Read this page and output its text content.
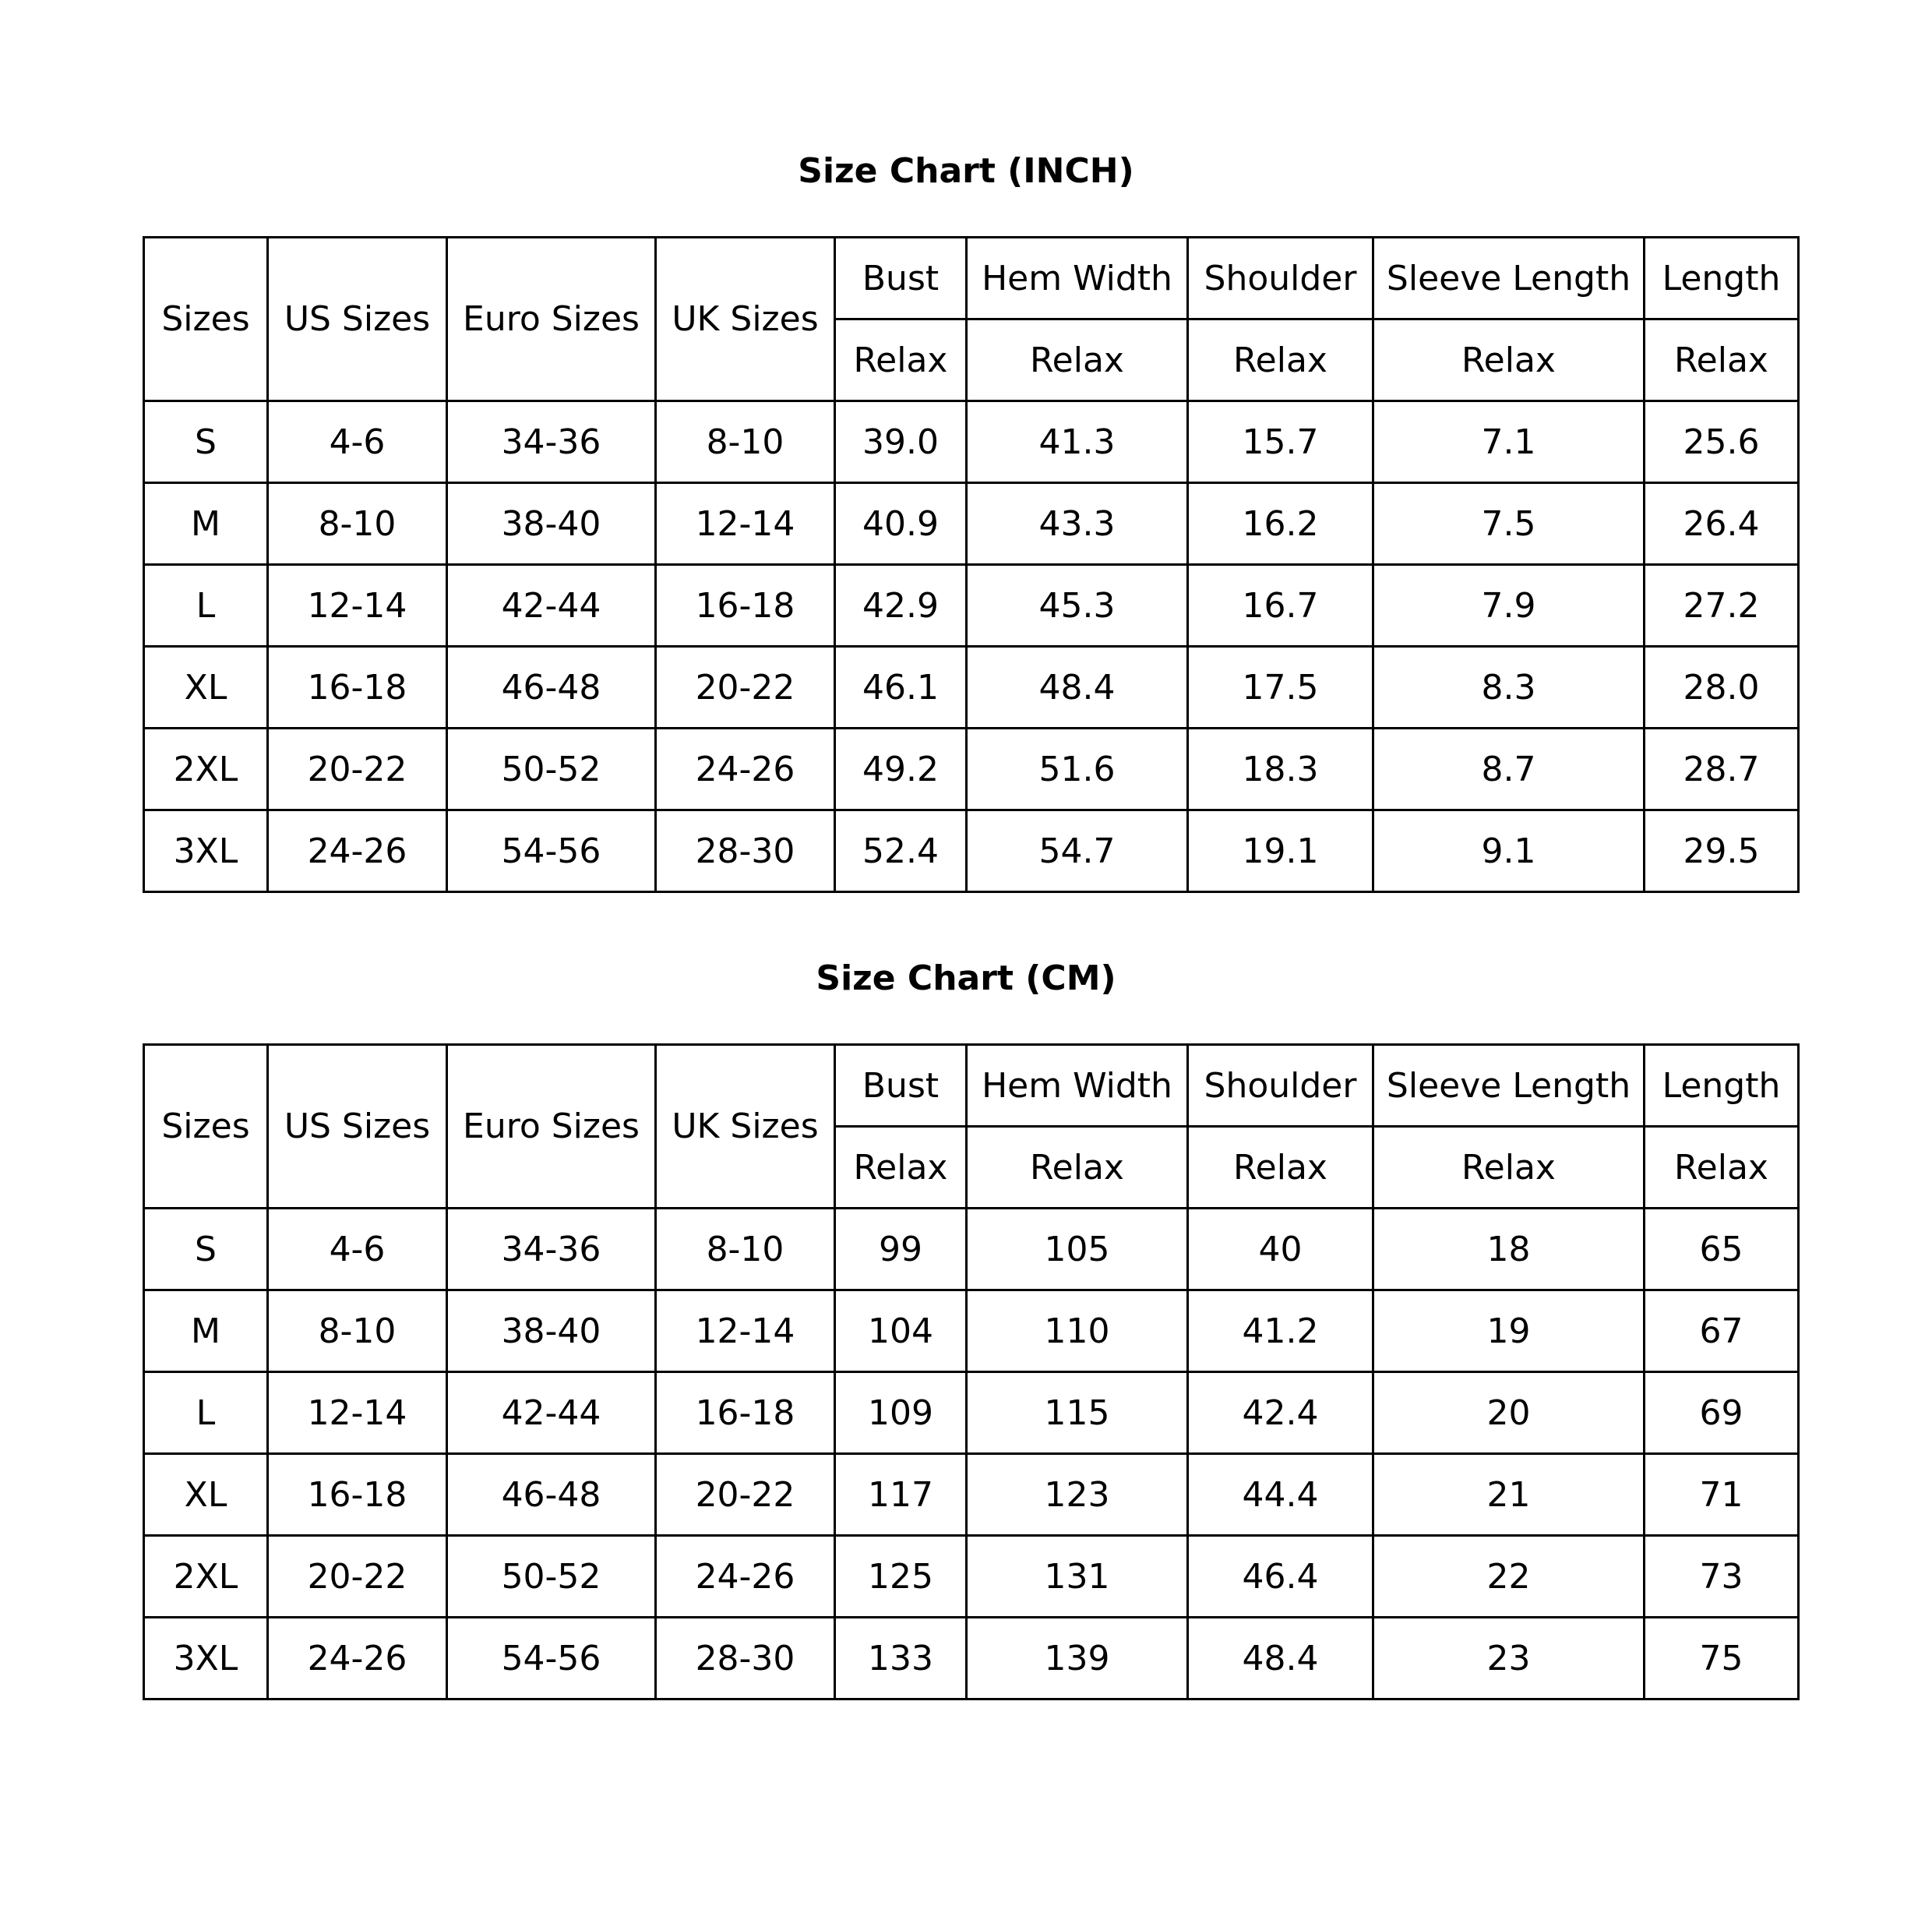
Size Chart (INCH)
Sizes	US Sizes	Euro Sizes	UK Sizes	Bust	Hem Width	Shoulder	Sleeve Length	Length
				Relax	Relax	Relax	Relax	Relax
S	4-6	34-36	8-10	39.0	41.3	15.7	7.1	25.6
M	8-10	38-40	12-14	40.9	43.3	16.2	7.5	26.4
L	12-14	42-44	16-18	42.9	45.3	16.7	7.9	27.2
XL	16-18	46-48	20-22	46.1	48.4	17.5	8.3	28.0
2XL	20-22	50-52	24-26	49.2	51.6	18.3	8.7	28.7
3XL	24-26	54-56	28-30	52.4	54.7	19.1	9.1	29.5
Size Chart (CM)
Sizes	US Sizes	Euro Sizes	UK Sizes	Bust	Hem Width	Shoulder	Sleeve Length	Length
				Relax	Relax	Relax	Relax	Relax
S	4-6	34-36	8-10	99	105	40	18	65
M	8-10	38-40	12-14	104	110	41.2	19	67
L	12-14	42-44	16-18	109	115	42.4	20	69
XL	16-18	46-48	20-22	117	123	44.4	21	71
2XL	20-22	50-52	24-26	125	131	46.4	22	73
3XL	24-26	54-56	28-30	133	139	48.4	23	75
